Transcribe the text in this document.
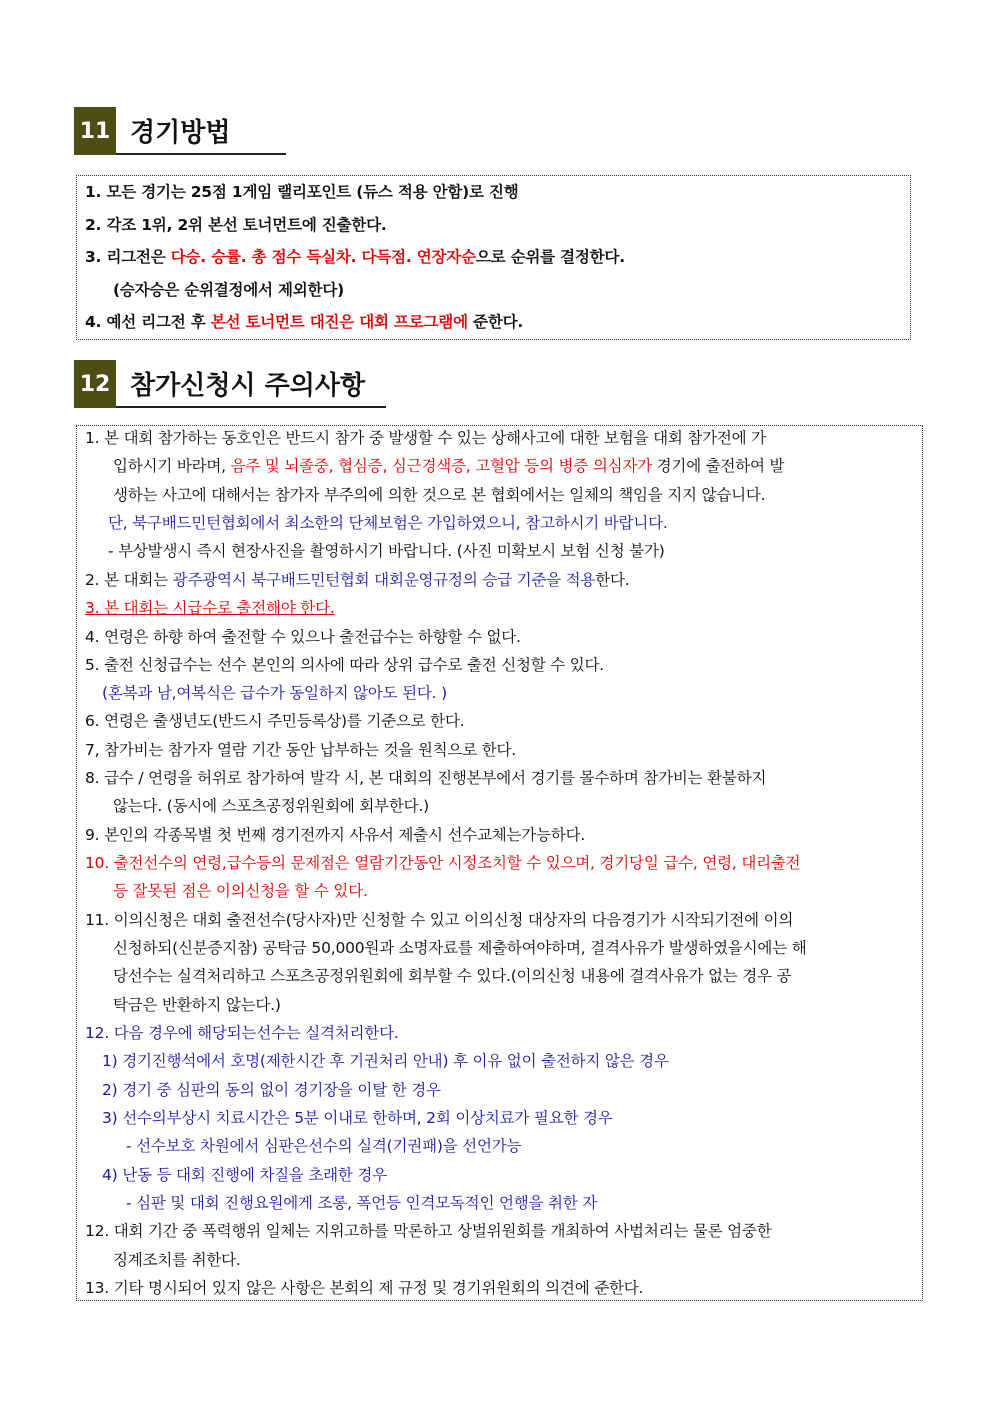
11 경기방법
1. 모든 경기는 25점 1게임 랠리포인트 (듀스 적용 안함)로 진행
2. 각조 1위, 2위 본선 토너먼트에 진출한다.
3. 리그전은 다승. 승률. 총 점수 득실차. 다득점. 연장자순으로 순위를 결정한다.
(승자승은 순위결정에서 제외한다)
4. 예선 리그전 후 본선 토너먼트 대진은 대회 프로그램에 준한다.
12 참가신청시 주의사항
1. 본 대회 참가하는 동호인은 반드시 참가 중 발생할 수 있는 상해사고에 대한 보험을 대회 참가전에 가
입하시기 바라며, 음주 및 뇌졸중, 협심증, 심근경색증, 고혈압 등의 병증 의심자가 경기에 출전하여 발
생하는 사고에 대해서는 참가자 부주의에 의한 것으로 본 협회에서는 일체의 책임을 지지 않습니다.
단, 북구배드민턴협회에서 최소한의 단체보험은 가입하였으니, 참고하시기 바랍니다.
- 부상발생시 즉시 현장사진을 촬영하시기 바랍니다. (사진 미확보시 보험 신청 불가)
2. 본 대회는 광주광역시 북구배드민턴협회 대회운영규정의 승급 기준을 적용한다.
3. 본 대회는 시급수로 출전해야 한다.
4. 연령은 하향 하여 출전할 수 있으나 출전급수는 하향할 수 없다.
5. 출전 신청급수는 선수 본인의 의사에 따라 상위 급수로 출전 신청할 수 있다.
(혼복과 남,여복식은 급수가 동일하지 않아도 된다. )
6. 연령은 출생년도(반드시 주민등록상)를 기준으로 한다.
7, 참가비는 참가자 열람 기간 동안 납부하는 것을 원칙으로 한다.
8. 급수 / 연령을 허위로 참가하여 발각 시, 본 대회의 진행본부에서 경기를 몰수하며 참가비는 환불하지
않는다. (동시에 스포츠공정위원회에 회부한다.)
9. 본인의 각종목별 첫 번째 경기전까지 사유서 제출시 선수교체는가능하다.
10. 출전선수의 연령,급수등의 문제점은 열람기간동안 시정조치할 수 있으며, 경기당일 급수, 연령, 대리출전
등 잘못된 점은 이의신청을 할 수 있다.
11. 이의신청은 대회 출전선수(당사자)만 신청할 수 있고 이의신청 대상자의 다음경기가 시작되기전에 이의
신청하되(신분증지참) 공탁금 50,000원과 소명자료를 제출하여야하며, 결격사유가 발생하였을시에는 해
당선수는 실격처리하고 스포츠공정위원회에 회부할 수 있다.(이의신청 내용에 결격사유가 없는 경우 공
탁금은 반환하지 않는다.)
12. 다음 경우에 해당되는선수는 실격처리한다.
1) 경기진행석에서 호명(제한시간 후 기권처리 안내) 후 이유 없이 출전하지 않은 경우
2) 경기 중 심판의 동의 없이 경기장을 이탈 한 경우
3) 선수의부상시 치료시간은 5분 이내로 한하며, 2회 이상치료가 필요한 경우
- 선수보호 차원에서 심판은선수의 실격(기권패)을 선언가능
4) 난동 등 대회 진행에 차질을 초래한 경우
- 심판 및 대회 진행요원에게 조롱, 폭언등 인격모독적인 언행을 취한 자
12. 대회 기간 중 폭력행위 일체는 지위고하를 막론하고 상벌위원회를 개최하여 사법처리는 물론 엄중한
징계조치를 취한다.
13. 기타 명시되어 있지 않은 사항은 본회의 제 규정 및 경기위원회의 의견에 준한다.
